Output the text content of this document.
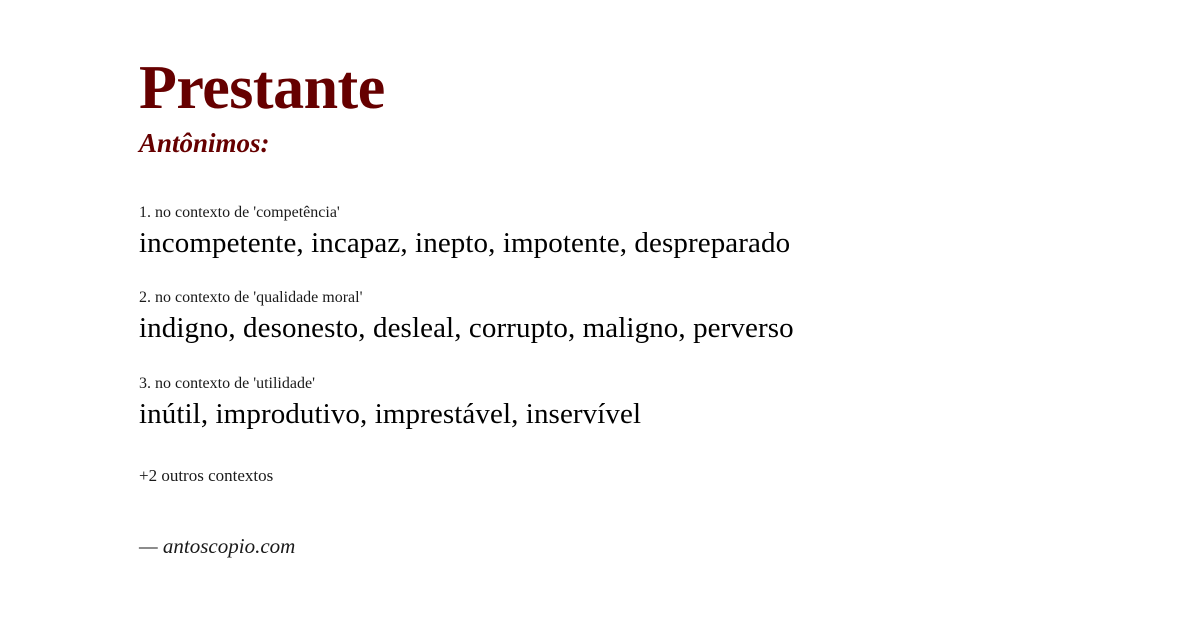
Prestante
Antônimos:
1. no contexto de 'competência'
incompetente, incapaz, inepto, impotente, despreparado
2. no contexto de 'qualidade moral'
indigno, desonesto, desleal, corrupto, maligno, perverso
3. no contexto de 'utilidade'
inútil, improdutivo, imprestável, inservível
+2 outros contextos
— antoscopio.com
